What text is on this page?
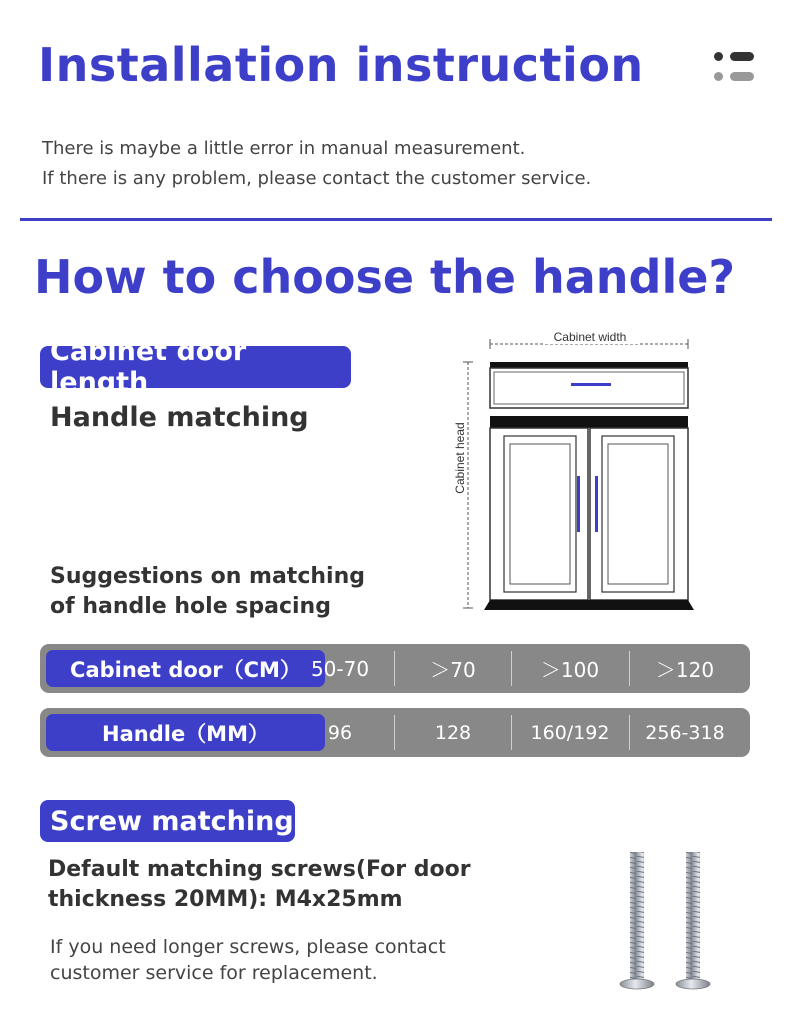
Installation instruction
There is maybe a little error in manual measurement.
If there is any problem, please contact the customer service.
How to choose the handle?
Cabinet door length
Handle matching
Suggestions on matching
of handle hole spacing
Cabinet width
Cabinet head
Cabinet door（CM） 50-70	＞70	＞100	＞120
Handle（MM）	96	128	160/192	256-318
Screw matching
Default matching screws(For door
thickness 20MM): M4x25mm
If you need longer screws, please contact
customer service for replacement.
